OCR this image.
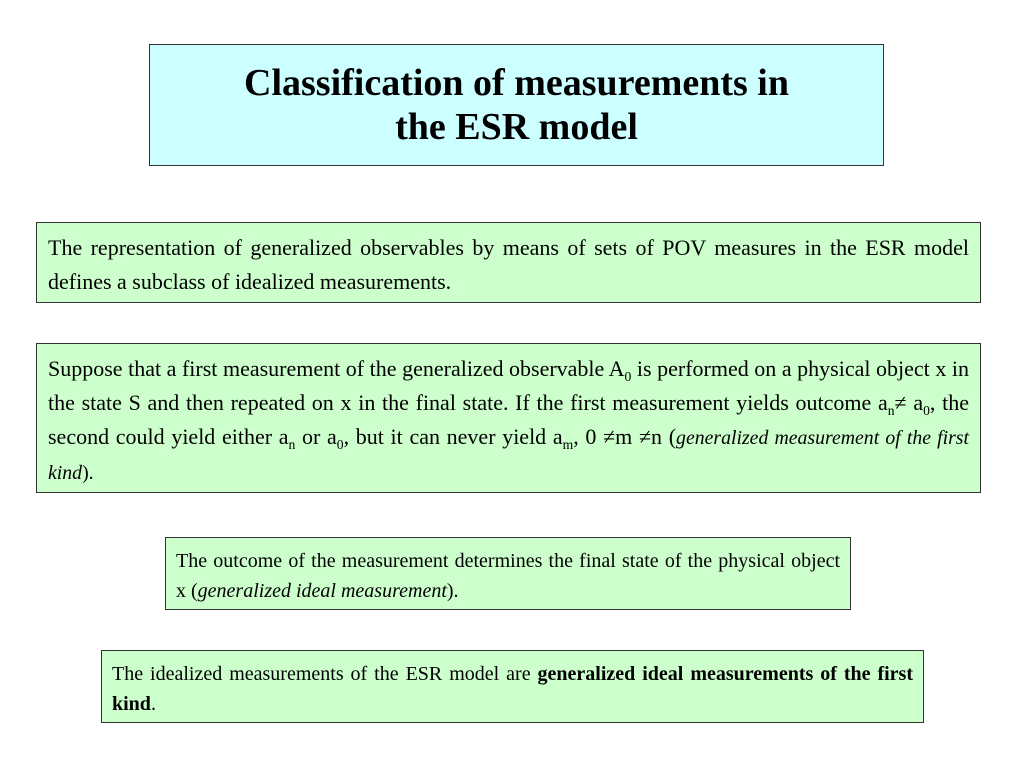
Classification of measurements in
the ESR model

The representation of generalized observables by means of sets of POV measures in the ESR model defines a subclass of idealized measurements.

Suppose that a first measurement of the generalized observable $A_0$ is performed on a physical object x in the state S and then repeated on x in the final state. If the first measurement yields outcome $a_n\ne a_0$, the second could yield either $a_n$ or $a_0$, but it can never yield $a_m$, 0 ≠m ≠n (generalized measurement of the first kind).

The outcome of the measurement determines the final state of the physical object x (generalized ideal measurement).

The idealized measurements of the ESR model are generalized ideal measurements of the first kind.
